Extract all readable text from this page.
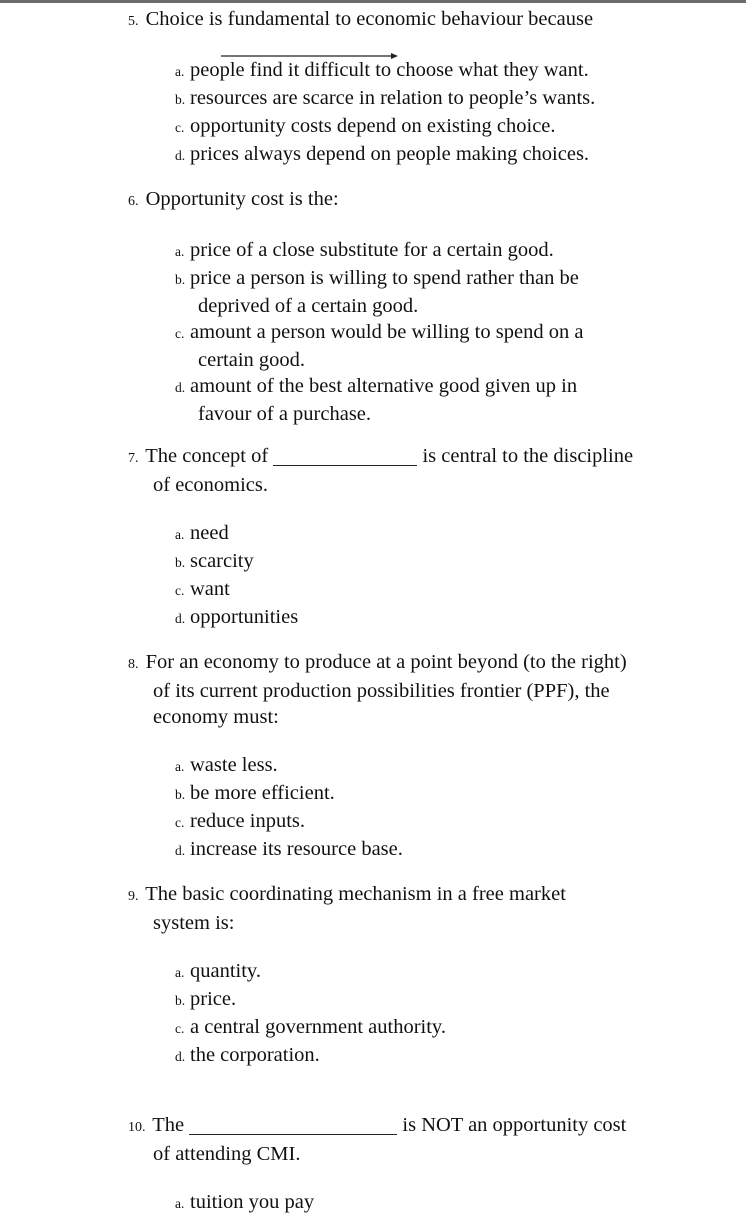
5. Choice is fundamental to economic behaviour because
a. people find it difficult to choose what they want.
b. resources are scarce in relation to people’s wants.
c. opportunity costs depend on existing choice.
d. prices always depend on people making choices.
6. Opportunity cost is the:
a. price of a close substitute for a certain good.
b. price a person is willing to spend rather than be
deprived of a certain good.
c. amount a person would be willing to spend on a
certain good.
d. amount of the best alternative good given up in
favour of a purchase.
7. The concept of	is central to the discipline
of economics.
a. need
b. scarcity
c. want
d. opportunities
8. For an economy to produce at a point beyond (to the right)
of its current production possibilities frontier (PPF), the
economy must:
a. waste less.
b. be more efficient.
c. reduce inputs.
d. increase its resource base.
9. The basic coordinating mechanism in a free market
system is:
a. quantity.
b. price.
c. a central government authority.
d. the corporation.
10. The	is NOT an opportunity cost
of attending CMI.
a. tuition you pay
